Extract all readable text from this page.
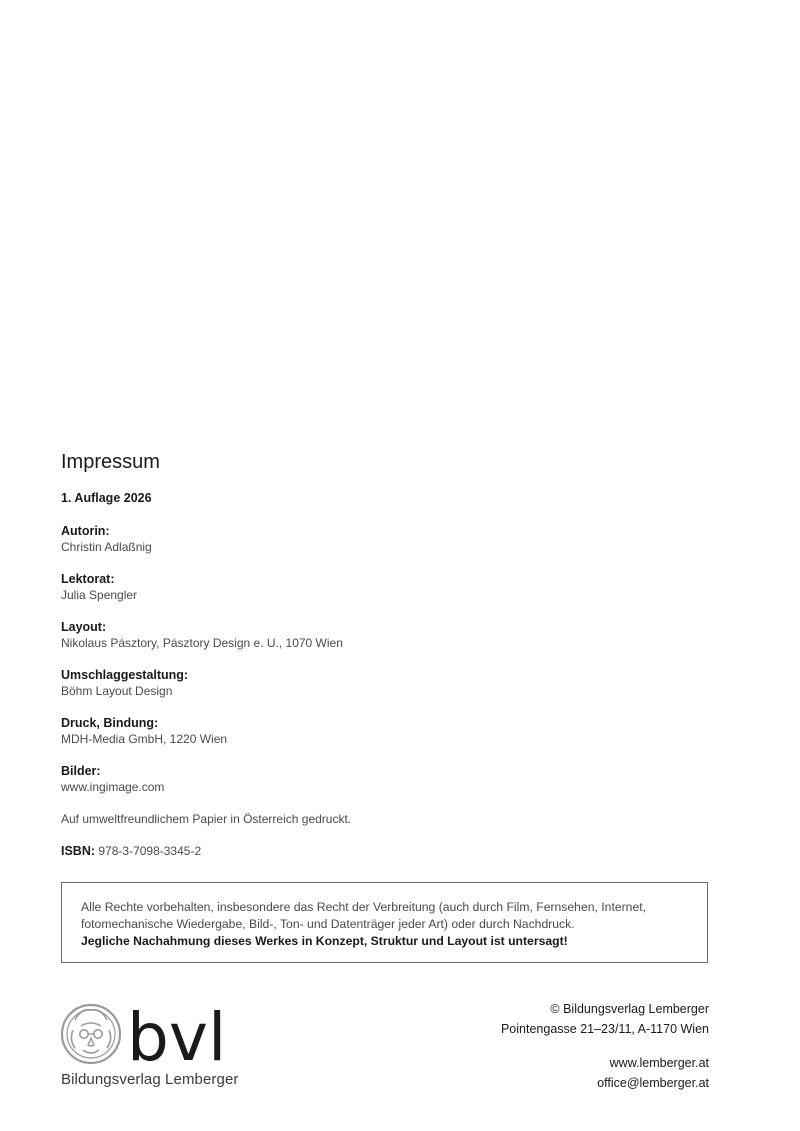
Impressum
1. Auflage 2026
Autorin:
Christin Adlaßnig
Lektorat:
Julia Spengler
Layout:
Nikolaus Pásztory, Pásztory Design e. U., 1070 Wien
Umschlaggestaltung:
Böhm Layout Design
Druck, Bindung:
MDH-Media GmbH, 1220 Wien
Bilder:
www.ingimage.com
Auf umweltfreundlichem Papier in Österreich gedruckt.
ISBN: 978-3-7098-3345-2
Alle Rechte vorbehalten, insbesondere das Recht der Verbreitung (auch durch Film, Fernsehen, Internet, fotomechanische Wiedergabe, Bild-, Ton- und Datenträger jeder Art) oder durch Nachdruck.
Jegliche Nachahmung dieses Werkes in Konzept, Struktur und Layout ist untersagt!
bvl
Bildungsverlag Lemberger
© Bildungsverlag Lemberger
Pointengasse 21–23/11, A-1170 Wien
www.lemberger.at
office@lemberger.at
